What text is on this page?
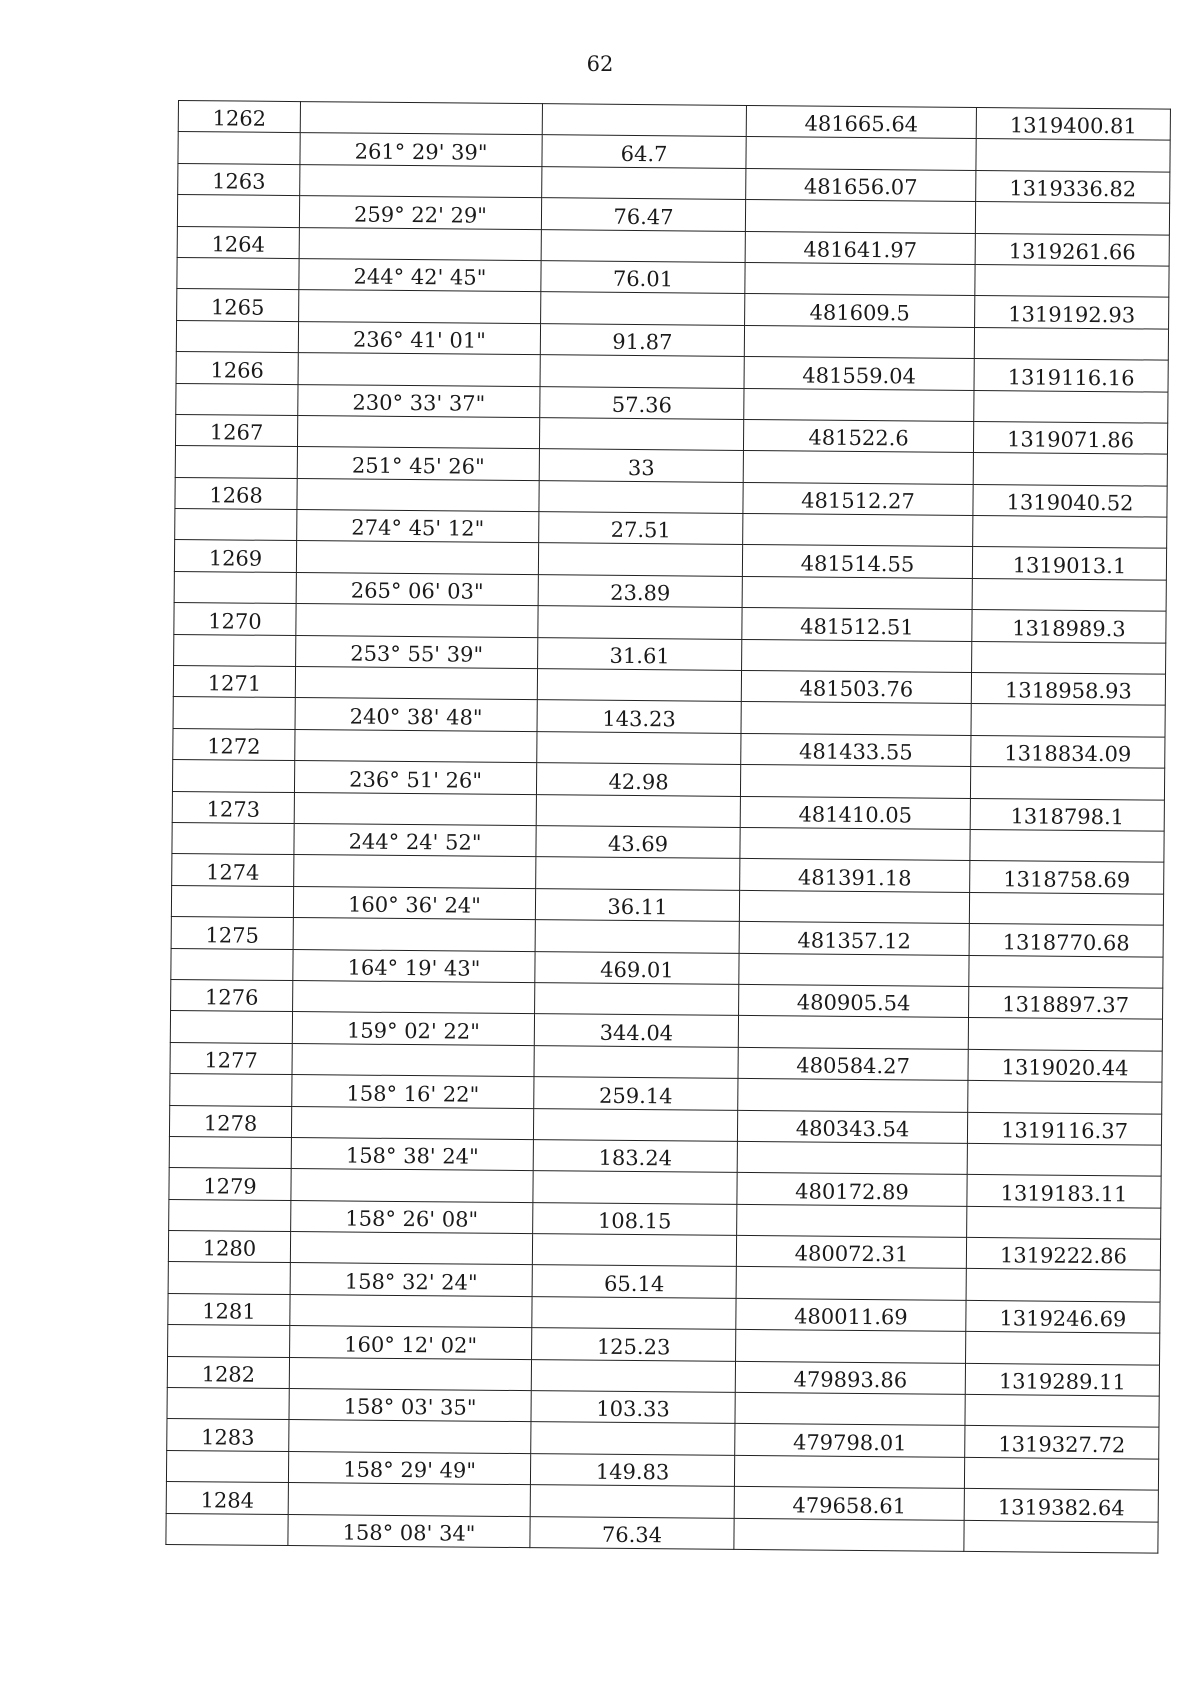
62
1262			481665.64	1319400.81
	261° 29' 39"	64.7		
1263			481656.07	1319336.82
	259° 22' 29"	76.47		
1264			481641.97	1319261.66
	244° 42' 45"	76.01		
1265			481609.5	1319192.93
	236° 41' 01"	91.87		
1266			481559.04	1319116.16
	230° 33' 37"	57.36		
1267			481522.6	1319071.86
	251° 45' 26"	33		
1268			481512.27	1319040.52
	274° 45' 12"	27.51		
1269			481514.55	1319013.1
	265° 06' 03"	23.89		
1270			481512.51	1318989.3
	253° 55' 39"	31.61		
1271			481503.76	1318958.93
	240° 38' 48"	143.23		
1272			481433.55	1318834.09
	236° 51' 26"	42.98		
1273			481410.05	1318798.1
	244° 24' 52"	43.69		
1274			481391.18	1318758.69
	160° 36' 24"	36.11		
1275			481357.12	1318770.68
	164° 19' 43"	469.01		
1276			480905.54	1318897.37
	159° 02' 22"	344.04		
1277			480584.27	1319020.44
	158° 16' 22"	259.14		
1278			480343.54	1319116.37
	158° 38' 24"	183.24		
1279			480172.89	1319183.11
	158° 26' 08"	108.15		
1280			480072.31	1319222.86
	158° 32' 24"	65.14		
1281			480011.69	1319246.69
	160° 12' 02"	125.23		
1282			479893.86	1319289.11
	158° 03' 35"	103.33		
1283			479798.01	1319327.72
	158° 29' 49"	149.83		
1284			479658.61	1319382.64
	158° 08' 34"	76.34		
